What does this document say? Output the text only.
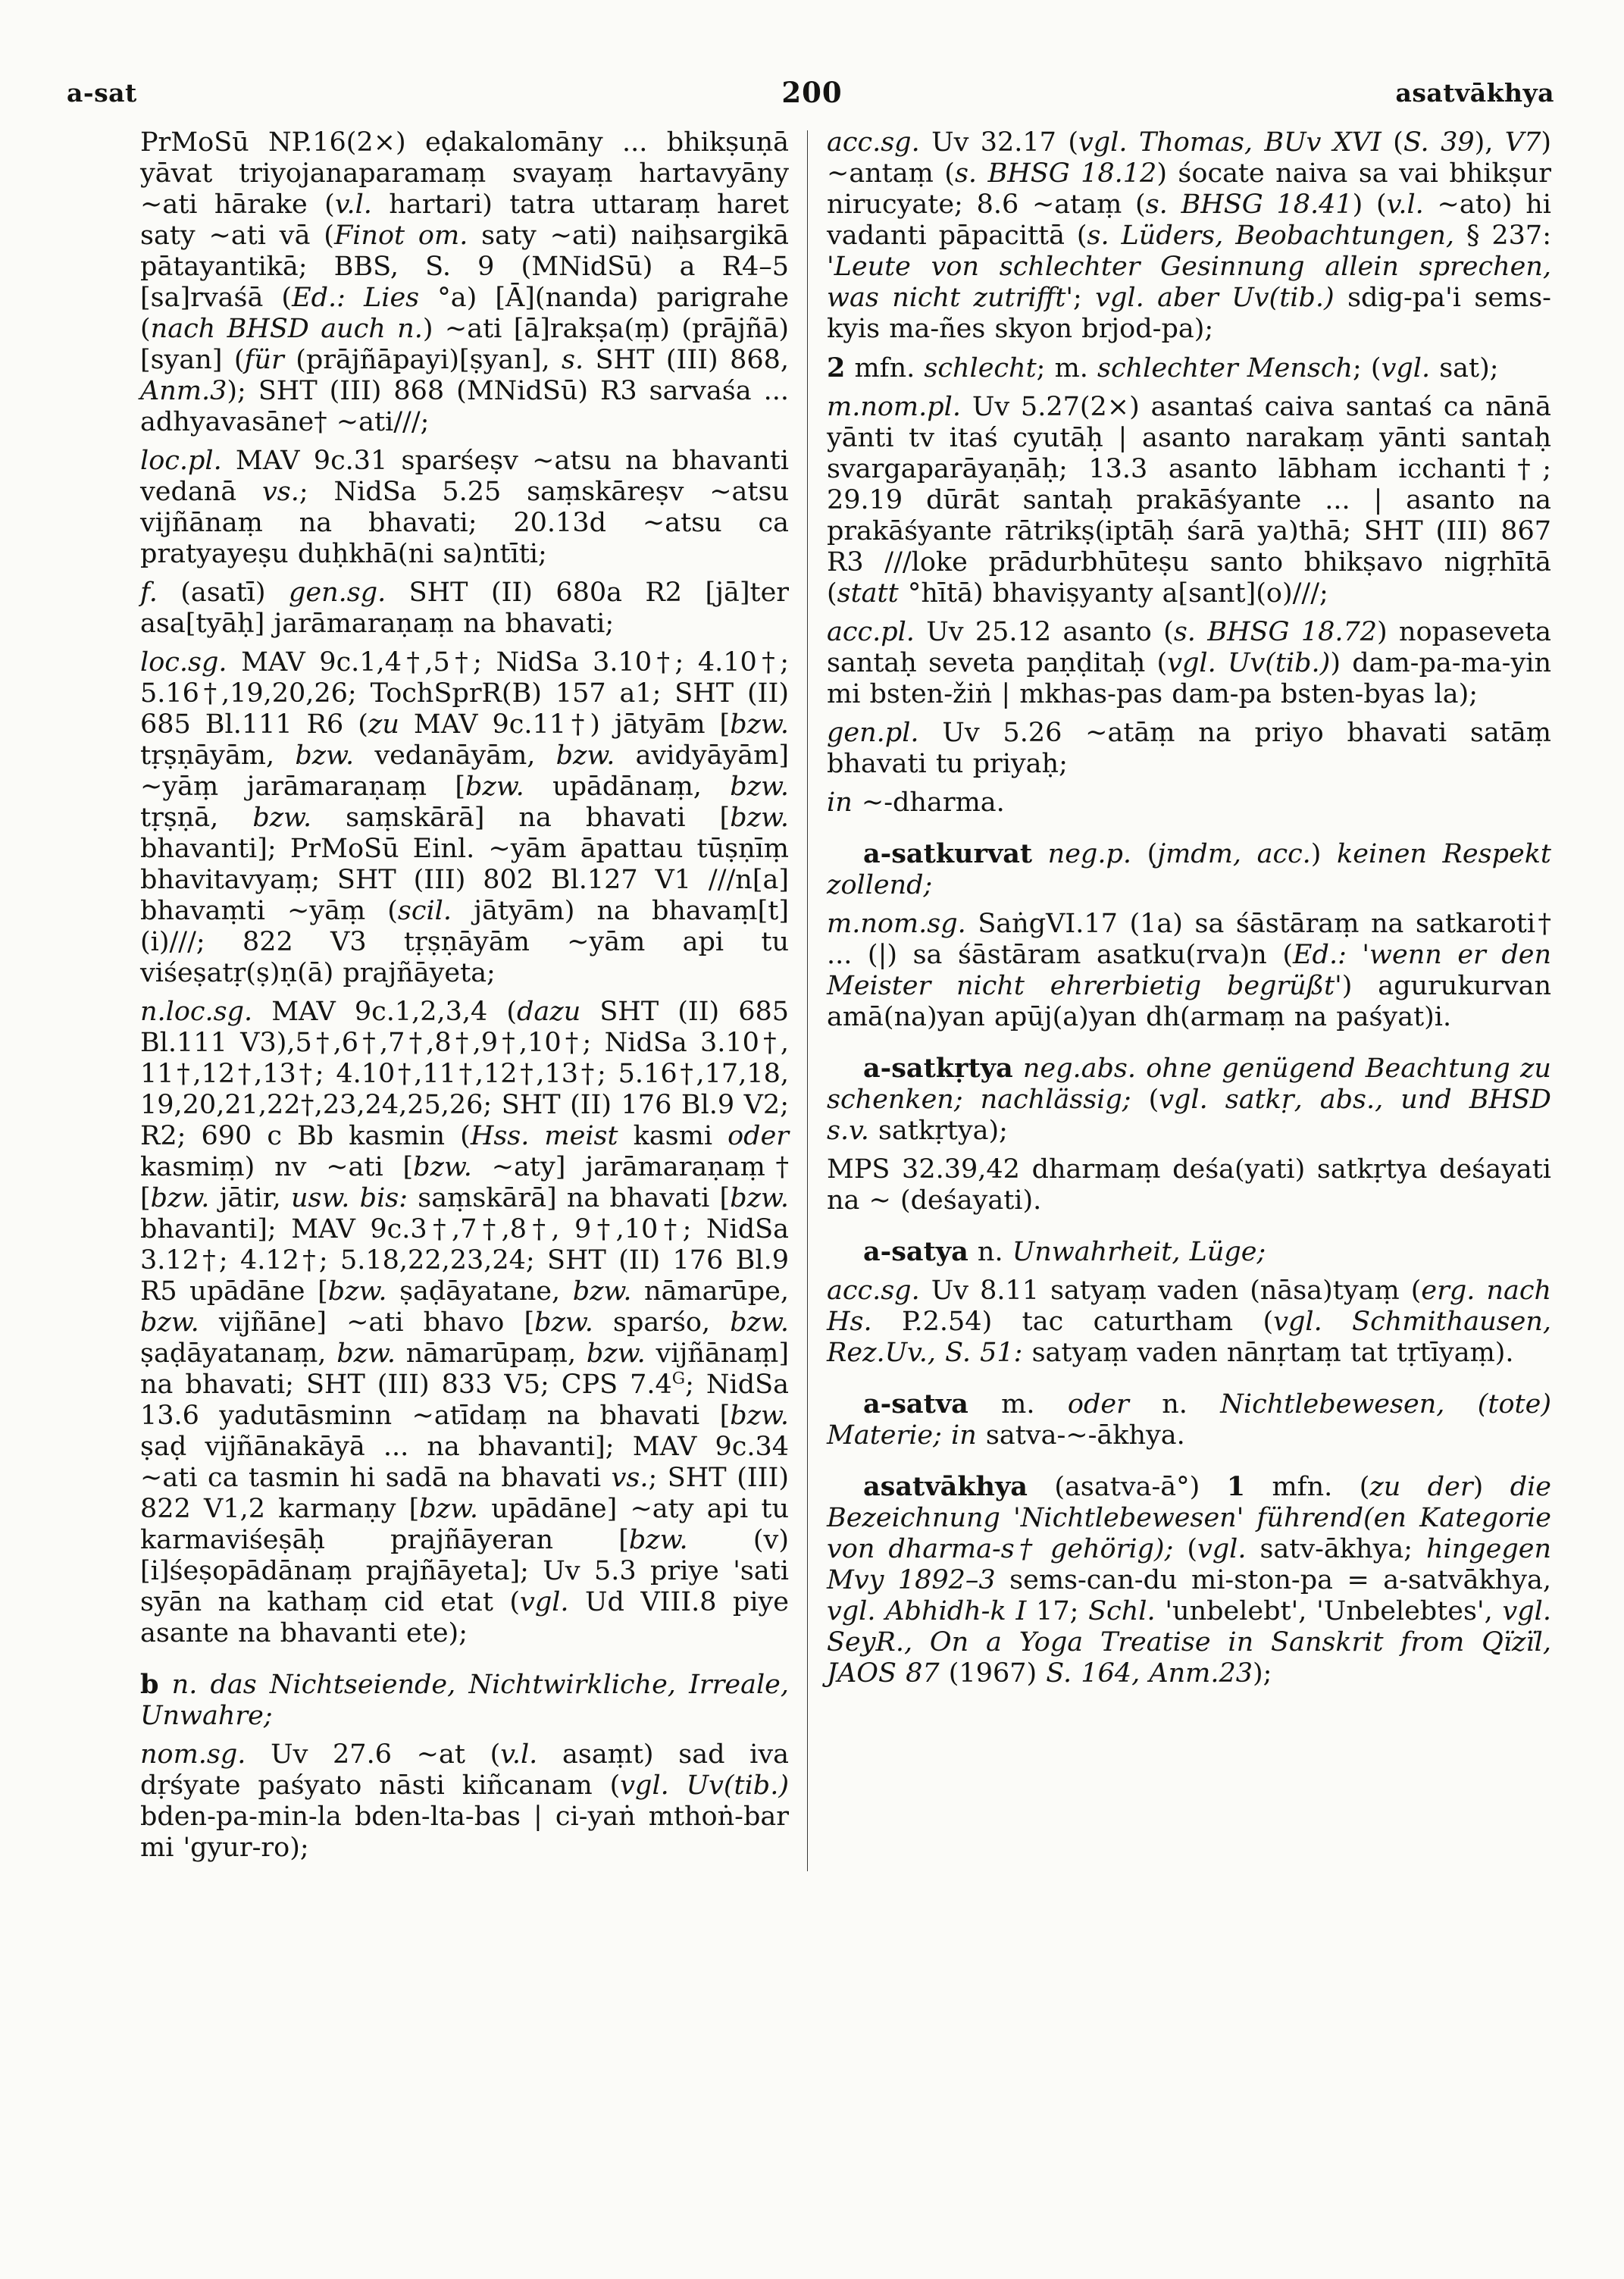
a-sat	200	asatvākhya

PrMoSū NP.16(2×) eḍakalomāny ... bhikṣuṇā yāvat triyojanaparamaṃ svayaṃ hartavyāny ~ati hārake (v.l. hartari) tatra uttaraṃ haret saty ~ati vā (Finot om. saty ~ati) naiḥsargikā pātayantikā; BBS, S. 9 (MNidSū) a R4–5 [sa]rvaśā (Ed.: Lies °a) [Ā](nanda) parigrahe (nach BHSD auch n.) ~ati [ā]rakṣa(ṃ) (prājñā)[syan] (für (prājñāpayi)[ṣyan], s. SHT (III) 868, Anm.3); SHT (III) 868 (MNidSū) R3 sarvaśa ... adhyavasāne† ~ati///;

loc.pl. MAV 9c.31 sparśeṣv ~atsu na bhavanti vedanā vs.; NidSa 5.25 saṃskāreṣv ~atsu vijñānaṃ na bhavati; 20.13d ~atsu ca pratyayeṣu duḥkhā(ni sa)ntīti;

f. (asatī) gen.sg. SHT (II) 680a R2 [jā]ter asa[tyāḥ] jarāmaraṇaṃ na bhavati;

loc.sg. MAV 9c.1,4†,5†; NidSa 3.10†; 4.10†; 5.16†,19,20,26; TochSprR(B) 157 a1; SHT (II) 685 Bl.111 R6 (zu MAV 9c.11†) jātyām [bzw. tṛṣṇāyām, bzw. vedanāyām, bzw. avidyāyām] ~yāṃ jarāmaraṇaṃ [bzw. upādānaṃ, bzw. tṛṣṇā, bzw. saṃskārā] na bhavati [bzw. bhavanti]; PrMoSū Einl. ~yām āpattau tūṣṇīṃ bhavitavyaṃ; SHT (III) 802 Bl.127 V1 ///n[a] bhavaṃti ~yāṃ (scil. jātyām) na bhavaṃ[t](i)///; 822 V3 tṛṣṇāyām ~yām api tu viśeṣatṛ(ṣ)ṇ(ā) prajñāyeta;

n.loc.sg. MAV 9c.1,2,3,4 (dazu SHT (II) 685 Bl.111 V3),5†,6†,7†,8†,9†,10†; NidSa 3.10†, 11†,12†,13†; 4.10†,11†,12†,13†; 5.16†,17,18, 19,20,21,22†,23,24,25,26; SHT (II) 176 Bl.9 V2; R2; 690 c Bb kasmin (Hss. meist kasmi oder kasmiṃ) nv ~ati [bzw. ~aty] jarāmaraṇaṃ† [bzw. jātir, usw. bis: saṃskārā] na bhavati [bzw. bhavanti]; MAV 9c.3†,7†,8†, 9†,10†; NidSa 3.12†; 4.12†; 5.18,22,23,24; SHT (II) 176 Bl.9 R5 upādāne [bzw. ṣaḍāyatane, bzw. nāmarūpe, bzw. vijñāne] ~ati bhavo [bzw. sparśo, bzw. ṣaḍāyatanaṃ, bzw. nāmarūpaṃ, bzw. vijñānaṃ] na bhavati; SHT (III) 833 V5; CPS $7.4^G$; NidSa 13.6 yadutāsminn ~atīdaṃ na bhavati [bzw. ṣaḍ vijñānakāyā ... na bhavanti]; MAV 9c.34 ~ati ca tasmin hi sadā na bhavati vs.; SHT (III) 822 V1,2 karmaṇy [bzw. upādāne] ~aty api tu karmaviśeṣāḥ prajñāyeran [bzw. (v)[i]śeṣopādānaṃ prajñāyeta]; Uv 5.3 priye 'sati syān na kathaṃ cid etat (vgl. Ud VIII.8 piye asante na bhavanti ete);

b n. das Nichtseiende, Nichtwirkliche, Irreale, Unwahre;

nom.sg. Uv 27.6 ~at (v.l. asaṃt) sad iva dṛśyate paśyato nāsti kiñcanam (vgl. Uv(tib.) bden-pa-min-la bden-lta-bas | ci-yaṅ mthoṅ-bar mi 'gyur-ro);

acc.sg. Uv 32.17 (vgl. Thomas, BUv XVI (S. 39), V7) ~antaṃ (s. BHSG 18.12) śocate naiva sa vai bhikṣur nirucyate; 8.6 ~ataṃ (s. BHSG 18.41) (v.l. ~ato) hi vadanti pāpacittā (s. Lüders, Beobachtungen, § 237: 'Leute von schlechter Gesinnung allein sprechen, was nicht zutrifft'; vgl. aber Uv(tib.) sdig-pa'i sems-kyis ma-ñes skyon brjod-pa);

2 mfn. schlecht; m. schlechter Mensch; (vgl. sat);

m.nom.pl. Uv 5.27(2×) asantaś caiva santaś ca nānā yānti tv itaś cyutāḥ | asanto narakaṃ yānti santaḥ svargaparāyaṇāḥ; 13.3 asanto lābham icchanti†; 29.19 dūrāt santaḥ prakāśyante ... | asanto na prakāśyante rātrikṣ(iptāḥ śarā ya)thā; SHT (III) 867 R3 ///loke prādurbhūteṣu santo bhikṣavo nigṛhītā (statt °hītā) bhaviṣyanty a[sant](o)///;

acc.pl. Uv 25.12 asanto (s. BHSG 18.72) nopaseveta santaḥ seveta paṇḍitaḥ (vgl. Uv(tib.)) dam-pa-ma-yin mi bsten-žiṅ | mkhas-pas dam-pa bsten-byas la);

gen.pl. Uv 5.26 ~atāṃ na priyo bhavati satāṃ bhavati tu priyaḥ;

in ~-dharma.

a-satkurvat neg.p. (jmdm, acc.) keinen Respekt zollend;

m.nom.sg. SaṅgVI.17 (1a) sa śāstāraṃ na satkaroti† ... (|) sa śāstāram asatku(rva)n (Ed.: 'wenn er den Meister nicht ehrerbietig begrüßt') agurukurvan amā(na)yan apūj(a)yan dh(armaṃ na paśyat)i.

a-satkṛtya neg.abs. ohne genügend Beachtung zu schenken; nachlässig; (vgl. satkṛ, abs., und BHSD s.v. satkṛtya);

MPS 32.39,42 dharmaṃ deśa(yati) satkṛtya deśayati na ~ (deśayati).

a-satya n. Unwahrheit, Lüge;

acc.sg. Uv 8.11 satyaṃ vaden (nāsa)tyaṃ (erg. nach Hs. P.2.54) tac caturtham (vgl. Schmithausen, Rez.Uv., S. 51: satyaṃ vaden nānṛtaṃ tat tṛtīyaṃ).

a-satva m. oder n. Nichtlebewesen, (tote) Materie; in satva-~-ākhya.

asatvākhya (asatva-ā°) 1 mfn. (zu der) die Bezeichnung 'Nichtlebewesen' führend(en Kategorie von dharma-s† gehörig); (vgl. satv-ākhya; hingegen Mvy 1892–3 sems-can-du mi-ston-pa = a-satvākhya, vgl. Abhidh-k I 17; Schl. 'unbelebt', 'Unbelebtes', vgl. SeyR., On a Yoga Treatise in Sanskrit from Qïzïl, JAOS 87 (1967) S. 164, Anm.23);
